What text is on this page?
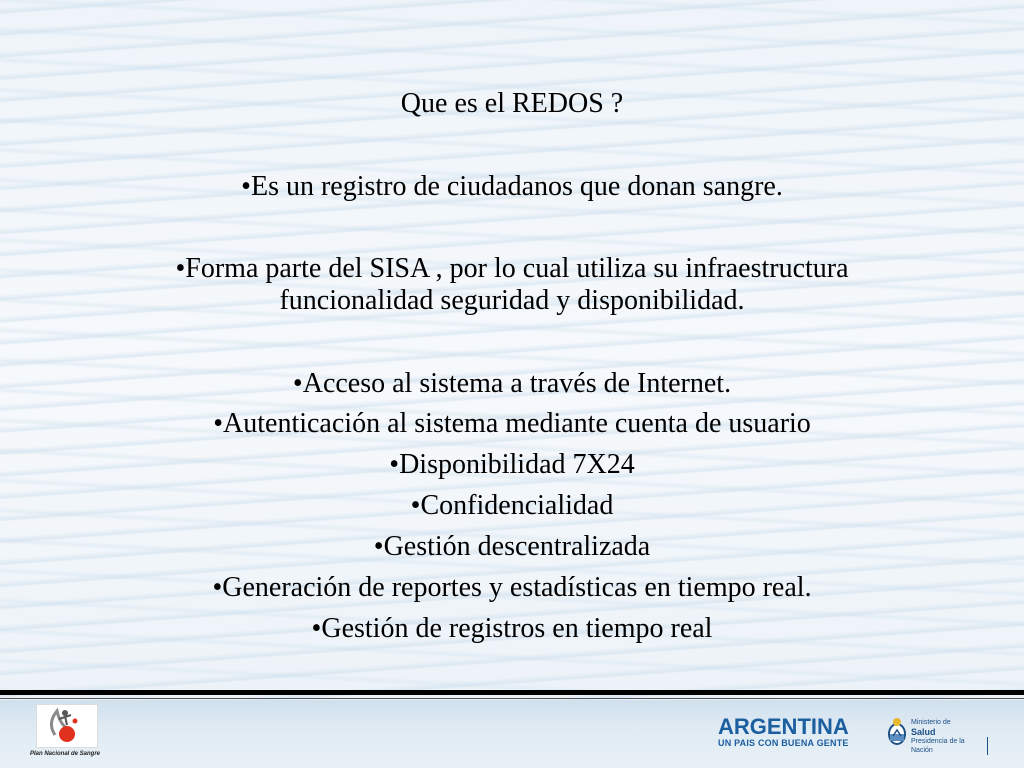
Que es el REDOS ?
•Es un registro de ciudadanos que donan sangre.
•Forma parte del SISA , por lo cual utiliza su infraestructura
funcionalidad seguridad y disponibilidad.
•Acceso al sistema a través de Internet.
•Autenticación al sistema mediante cuenta de usuario
•Disponibilidad 7X24
•Confidencialidad
•Gestión descentralizada
•Generación de reportes y estadísticas en tiempo real.
•Gestión de registros en tiempo real
Plan Nacional de Sangre
ARGENTINA
UN PAIS CON BUENA GENTE
Ministerio de
Salud
Presidencia de la Nación
